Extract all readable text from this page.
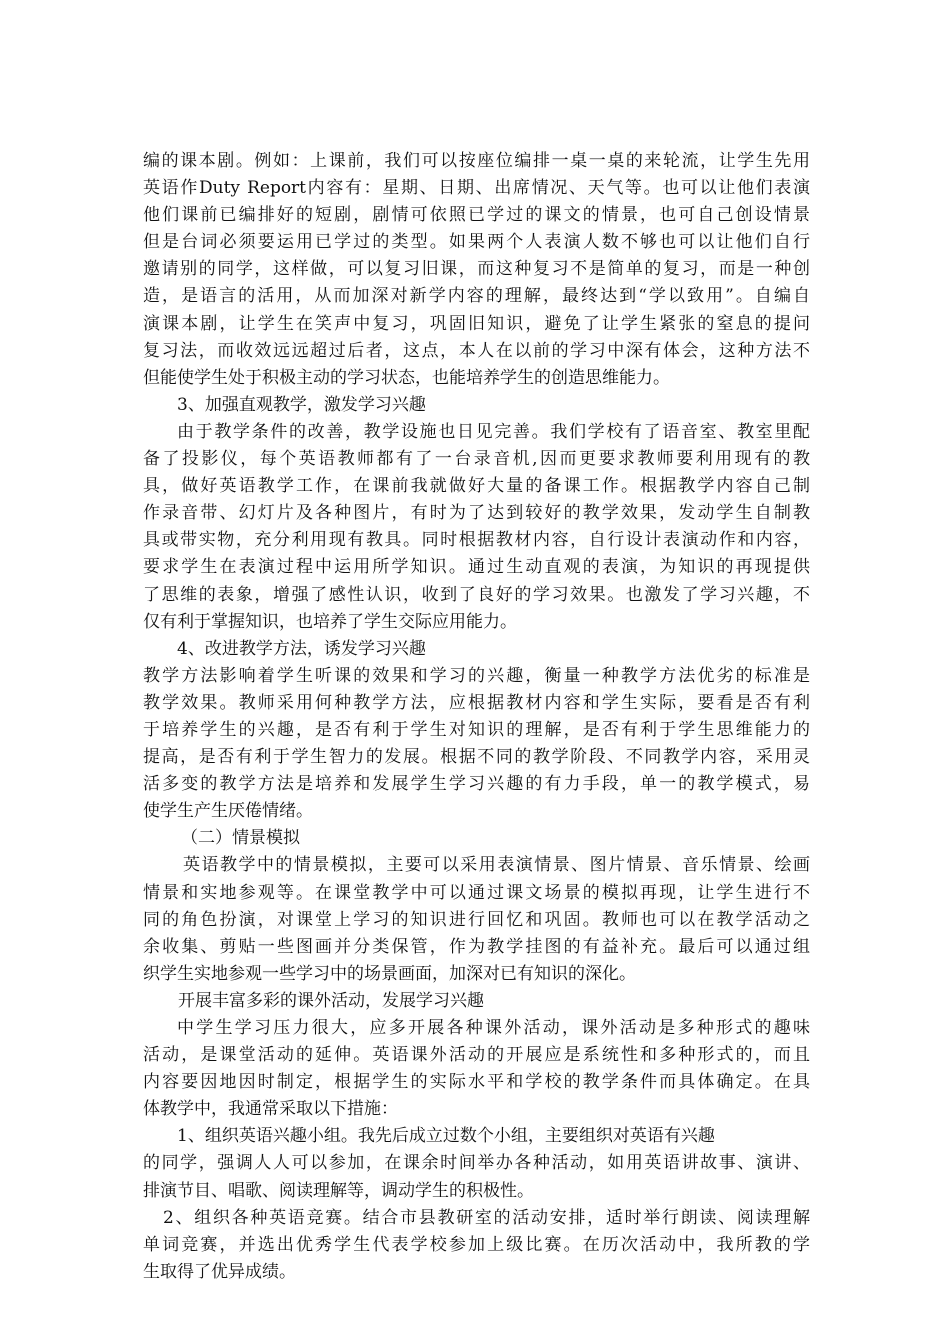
编的课本剧。例如：上课前，我们可以按座位编排一桌一桌的来轮流，让学生先用
英语作Duty Report内容有：星期、日期、出席情况、天气等。也可以让他们表演
他们课前已编排好的短剧，剧情可依照已学过的课文的情景，也可自己创设情景
但是台词必须要运用已学过的类型。如果两个人表演人数不够也可以让他们自行
邀请别的同学，这样做，可以复习旧课，而这种复习不是简单的复习，而是一种创
造，是语言的活用，从而加深对新学内容的理解，最终达到“学以致用”。自编自
演课本剧，让学生在笑声中复习，巩固旧知识，避免了让学生紧张的窒息的提问
复习法，而收效远远超过后者，这点，本人在以前的学习中深有体会，这种方法不
但能使学生处于积极主动的学习状态，也能培养学生的创造思维能力。
3、加强直观教学，激发学习兴趣
由于教学条件的改善，教学设施也日见完善。我们学校有了语音室、教室里配
备了投影仪，每个英语教师都有了一台录音机,因而更要求教师要利用现有的教
具，做好英语教学工作，在课前我就做好大量的备课工作。根据教学内容自己制
作录音带、幻灯片及各种图片，有时为了达到较好的教学效果，发动学生自制教
具或带实物，充分利用现有教具。同时根据教材内容，自行设计表演动作和内容，
要求学生在表演过程中运用所学知识。通过生动直观的表演，为知识的再现提供
了思维的表象，增强了感性认识，收到了良好的学习效果。也激发了学习兴趣，不
仅有利于掌握知识，也培养了学生交际应用能力。
4、改进教学方法，诱发学习兴趣
教学方法影响着学生听课的效果和学习的兴趣，衡量一种教学方法优劣的标准是
教学效果。教师采用何种教学方法，应根据教材内容和学生实际，要看是否有利
于培养学生的兴趣，是否有利于学生对知识的理解，是否有利于学生思维能力的
提高，是否有利于学生智力的发展。根据不同的教学阶段、不同教学内容，采用灵
活多变的教学方法是培养和发展学生学习兴趣的有力手段，单一的教学模式，易
使学生产生厌倦情绪。
（二）情景模拟
英语教学中的情景模拟，主要可以采用表演情景、图片情景、音乐情景、绘画
情景和实地参观等。在课堂教学中可以通过课文场景的模拟再现，让学生进行不
同的角色扮演，对课堂上学习的知识进行回忆和巩固。教师也可以在教学活动之
余收集、剪贴一些图画并分类保管，作为教学挂图的有益补充。最后可以通过组
织学生实地参观一些学习中的场景画面，加深对已有知识的深化。
开展丰富多彩的课外活动，发展学习兴趣
中学生学习压力很大，应多开展各种课外活动，课外活动是多种形式的趣味
活动，是课堂活动的延伸。英语课外活动的开展应是系统性和多种形式的，而且
内容要因地因时制定，根据学生的实际水平和学校的教学条件而具体确定。在具
体教学中，我通常采取以下措施：
1、组织英语兴趣小组。我先后成立过数个小组，主要组织对英语有兴趣
的同学，强调人人可以参加，在课余时间举办各种活动，如用英语讲故事、演讲、
排演节目、唱歌、阅读理解等，调动学生的积极性。
2、组织各种英语竞赛。结合市县教研室的活动安排，适时举行朗读、阅读理解
单词竞赛，并选出优秀学生代表学校参加上级比赛。在历次活动中，我所教的学
生取得了优异成绩。
